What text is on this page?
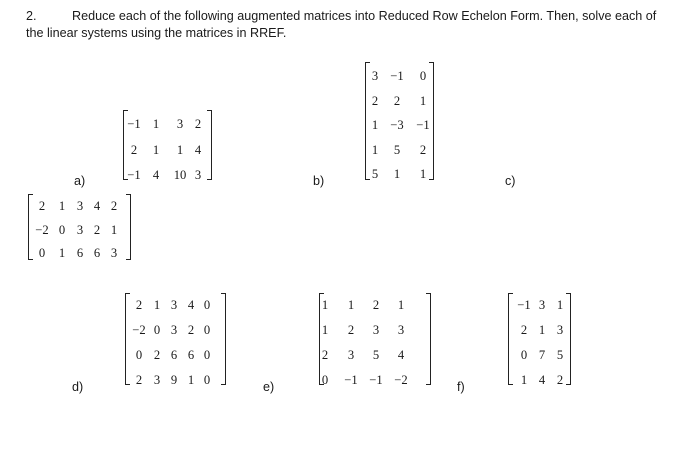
2.	Reduce each of the following augmented matrices into Reduced Row Echelon Form. Then, solve each of the linear systems using the matrices in RREF.
a)	b)	c)
d)	e)	f)
−1 1 3 2
2 1 1 4
−1 4 10 3
3 −1 0
2 2 1
1 −3 −1
1 5 2
5 1 1
2 1 3 4 2
−2 0 3 2 1
0 1 6 6 3
2 1 3 4 0
−2 0 3 2 0
0 2 6 6 0
2 3 9 1 0
1 1 2 1
1 2 3 3
2 3 5 4
0 −1 −1 −2
−1 3 1
2 1 3
0 7 5
1 4 2
